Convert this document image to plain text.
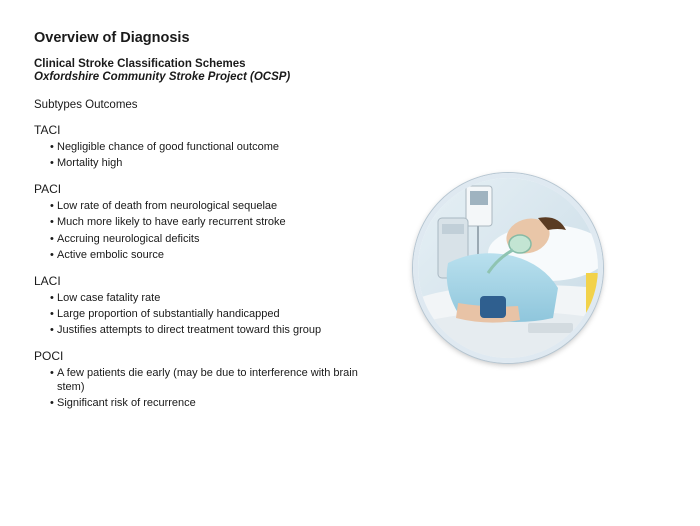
Overview of Diagnosis
Clinical Stroke Classification Schemes
Oxfordshire Community Stroke Project (OCSP)
Subtypes Outcomes
TACI
• Negligible chance of good functional outcome
• Mortality high
PACI
• Low rate of death from neurological sequelae
• Much more likely to have early recurrent stroke
• Accruing neurological deficits
• Active embolic source
LACI
• Low case fatality rate
• Large proportion of substantially handicapped
• Justifies attempts to direct treatment toward this group
POCI
• A few patients die early (may be due to interference with brain stem)
• Significant risk of recurrence
